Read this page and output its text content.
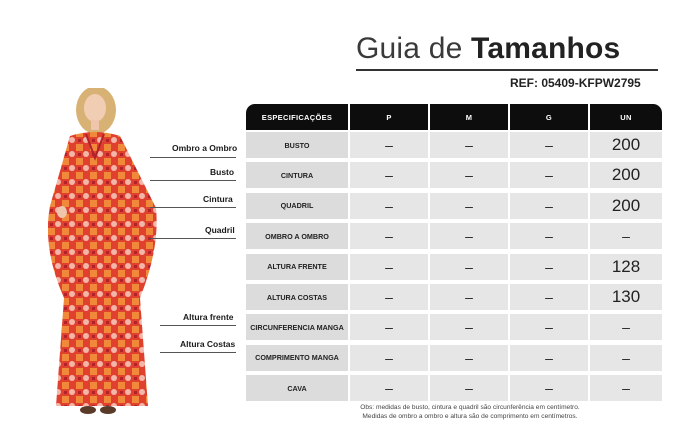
Guia de Tamanhos
REF: 05409-KFPW2795
Ombro a Ombro
Busto
Cintura
Quadril
Altura frente
Altura Costas
ESPECIFICAÇÕES	P	M	G	UN
BUSTO	–	–	–	200
CINTURA	–	–	–	200
QUADRIL	–	–	–	200
OMBRO A OMBRO	–	–	–	–
ALTURA FRENTE	–	–	–	128
ALTURA COSTAS	–	–	–	130
CIRCUNFERENCIA MANGA	–	–	–	–
COMPRIMENTO MANGA	–	–	–	–
CAVA	–	–	–	–
Obs: medidas de busto, cintura e quadril são circunferência em centímetro.
Medidas de ombro a ombro e altura são de comprimento em centímetros.
